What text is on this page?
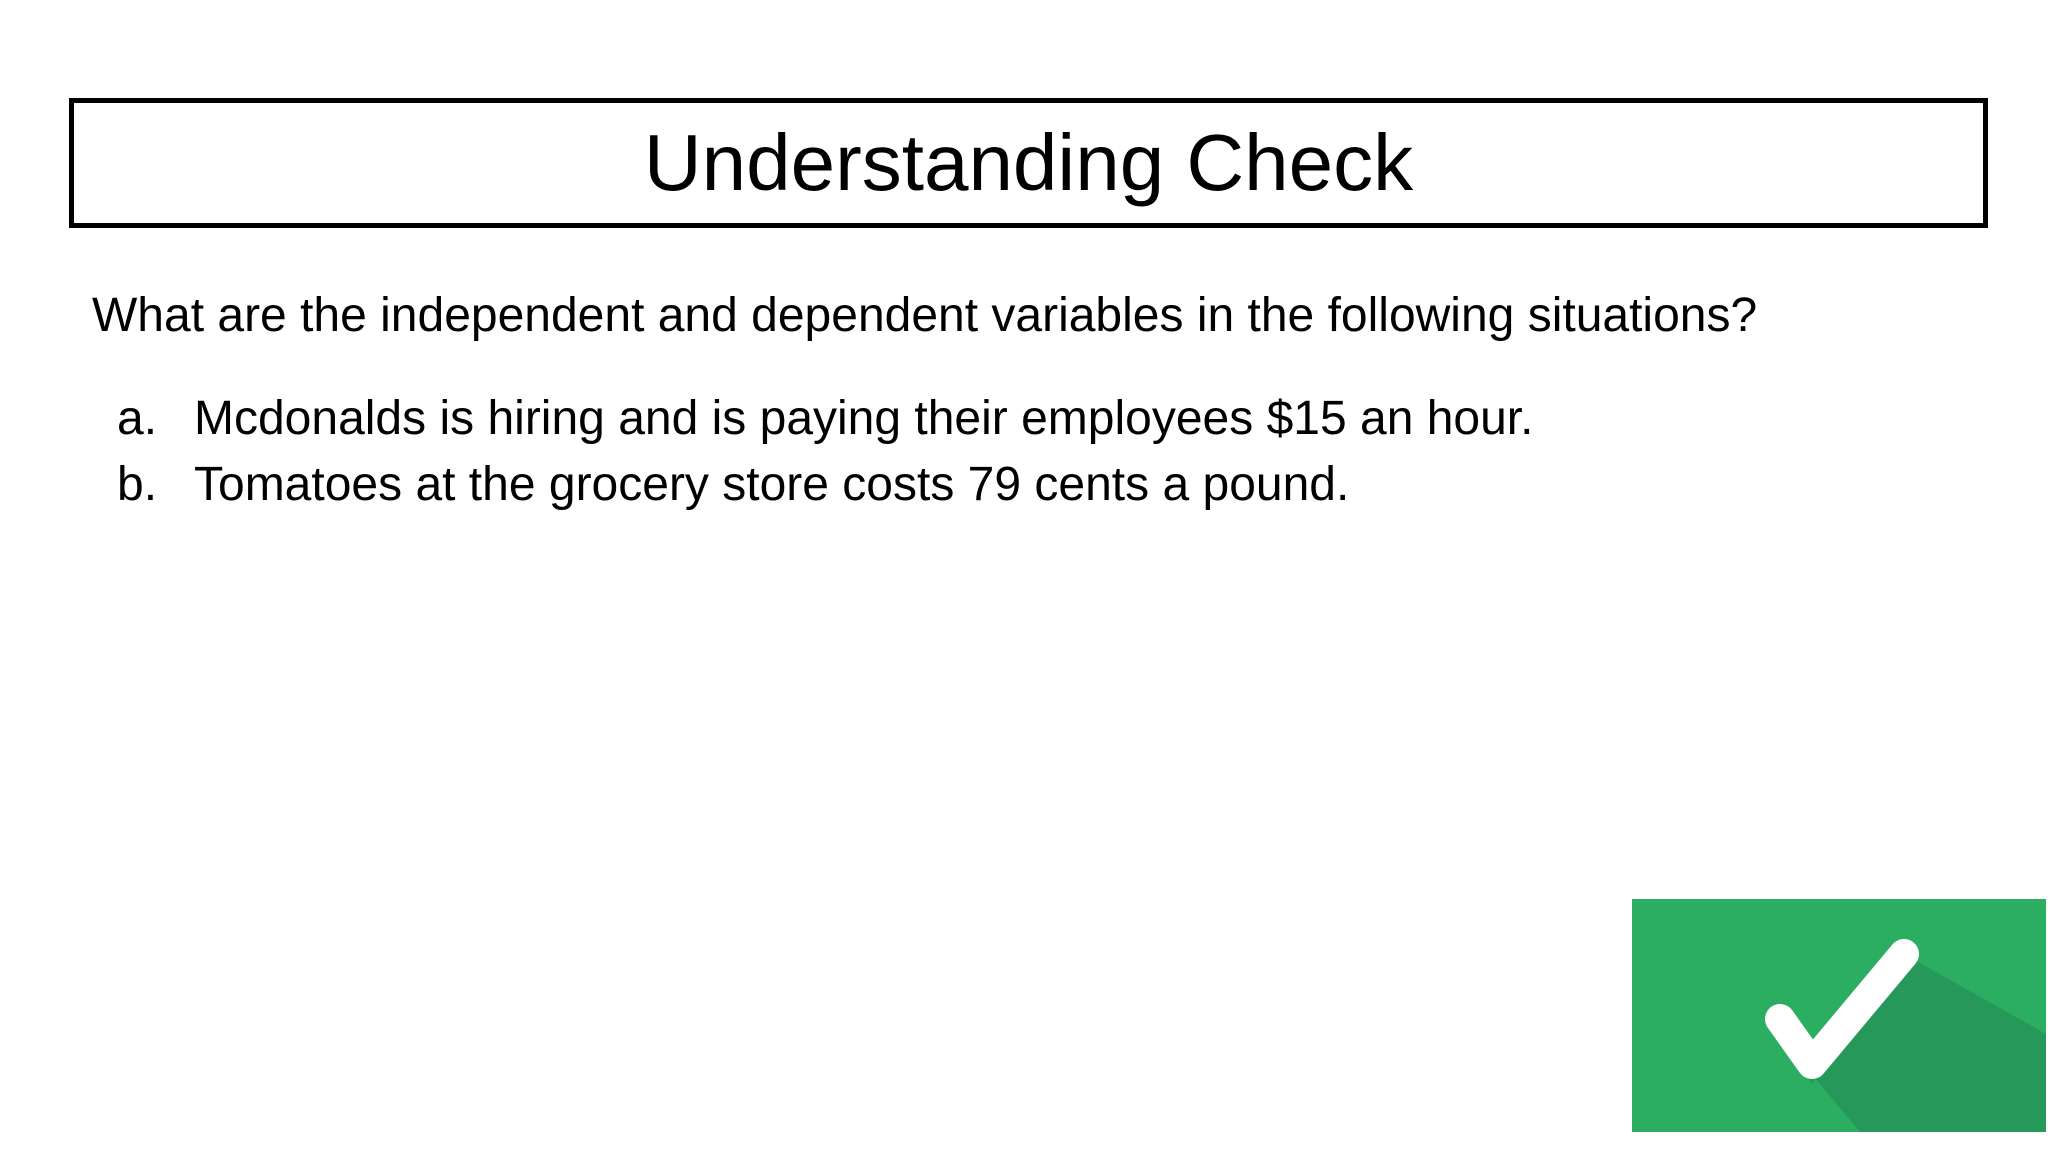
Understanding Check
What are the independent and dependent variables in the following situations?
a. Mcdonalds is hiring and is paying their employees $15 an hour.
b. Tomatoes at the grocery store costs 79 cents a pound.
